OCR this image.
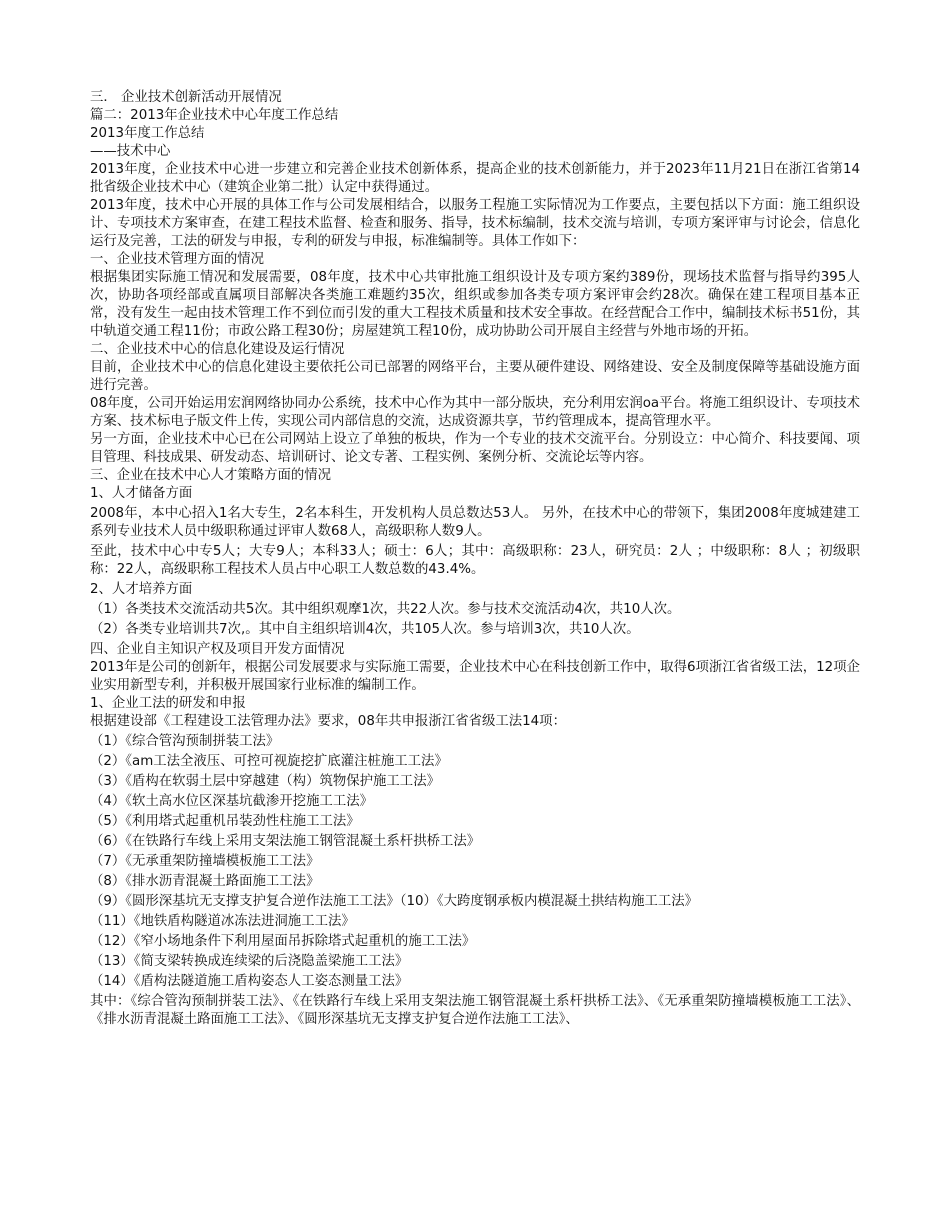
三． 企业技术创新活动开展情况

篇二：2013年企业技术中心年度工作总结

2013年度工作总结

——技术中心

2013年度，企业技术中心进一步建立和完善企业技术创新体系，提高企业的技术创新能力，并于2023年11月21日在浙江省第14批省级企业技术中心（建筑企业第二批）认定中获得通过。

2013年度，技术中心开展的具体工作与公司发展相结合，以服务工程施工实际情况为工作要点，主要包括以下方面：施工组织设计、专项技术方案审查，在建工程技术监督、检查和服务、指导，技术标编制，技术交流与培训，专项方案评审与讨论会，信息化运行及完善，工法的研发与申报，专利的研发与申报，标准编制等。具体工作如下：

一、企业技术管理方面的情况

根据集团实际施工情况和发展需要，08年度，技术中心共审批施工组织设计及专项方案约389份，现场技术监督与指导约395人次，协助各项经部或直属项目部解决各类施工难题约35次，组织或参加各类专项方案评审会约28次。确保在建工程项目基本正常，没有发生一起由技术管理工作不到位而引发的重大工程技术质量和技术安全事故。在经营配合工作中，编制技术标书51份，其中轨道交通工程11份；市政公路工程30份；房屋建筑工程10份，成功协助公司开展自主经营与外地市场的开拓。

二、企业技术中心的信息化建设及运行情况

目前，企业技术中心的信息化建设主要依托公司已部署的网络平台，主要从硬件建设、网络建设、安全及制度保障等基础设施方面进行完善。

08年度，公司开始运用宏润网络协同办公系统，技术中心作为其中一部分版块，充分利用宏润oa平台。将施工组织设计、专项技术方案、技术标电子版文件上传，实现公司内部信息的交流，达成资源共享，节约管理成本，提高管理水平。

另一方面，企业技术中心已在公司网站上设立了单独的板块，作为一个专业的技术交流平台。分别设立：中心简介、科技要闻、项目管理、科技成果、研发动态、培训研讨、论文专著、工程实例、案例分析、交流论坛等内容。

三、企业在技术中心人才策略方面的情况

1、人才储备方面

2008年，本中心招入1名大专生，2名本科生，开发机构人员总数达53人。 另外，在技术中心的带领下，集团2008年度城建建工系列专业技术人员中级职称通过评审人数68人，高级职称人数9人。

至此，技术中心中专5人；大专9人；本科33人；硕士：6人；其中：高级职称：23人，研究员：2人 ；中级职称：8人 ；初级职称：22人，高级职称工程技术人员占中心职工人数总数的43.4%。

2、人才培养方面

（1）各类技术交流活动共5次。其中组织观摩1次，共22人次。参与技术交流活动4次，共10人次。

（2）各类专业培训共7次,。其中自主组织培训4次，共105人次。参与培训3次，共10人次。

四、企业自主知识产权及项目开发方面情况

2013年是公司的创新年，根据公司发展要求与实际施工需要，企业技术中心在科技创新工作中，取得6项浙江省省级工法，12项企业实用新型专利，并积极开展国家行业标准的编制工作。

1、企业工法的研发和申报

根据建设部《工程建设工法管理办法》要求，08年共申报浙江省省级工法14项：

（1）《综合管沟预制拼装工法》

（2）《am工法全液压、可控可视旋挖扩底灌注桩施工工法》

（3）《盾构在软弱土层中穿越建（构）筑物保护施工工法》

（4）《软土高水位区深基坑截渗开挖施工工法》

（5）《利用塔式起重机吊装劲性柱施工工法》

（6）《在铁路行车线上采用支架法施工钢管混凝土系杆拱桥工法》

（7）《无承重架防撞墙模板施工工法》

（8）《排水沥青混凝土路面施工工法》

（9）《圆形深基坑无支撑支护复合逆作法施工工法》（10）《大跨度钢承板内模混凝土拱结构施工工法》

（11）《地铁盾构隧道冰冻法进洞施工工法》

（12）《窄小场地条件下利用屋面吊拆除塔式起重机的施工工法》

（13）《简支梁转换成连续梁的后浇隐盖梁施工工法》

（14）《盾构法隧道施工盾构姿态人工姿态测量工法》

其中：《综合管沟预制拼装工法》、《在铁路行车线上采用支架法施工钢管混凝土系杆拱桥工法》、《无承重架防撞墙模板施工工法》、《排水沥青混凝土路面施工工法》、《圆形深基坑无支撑支护复合逆作法施工工法》、
